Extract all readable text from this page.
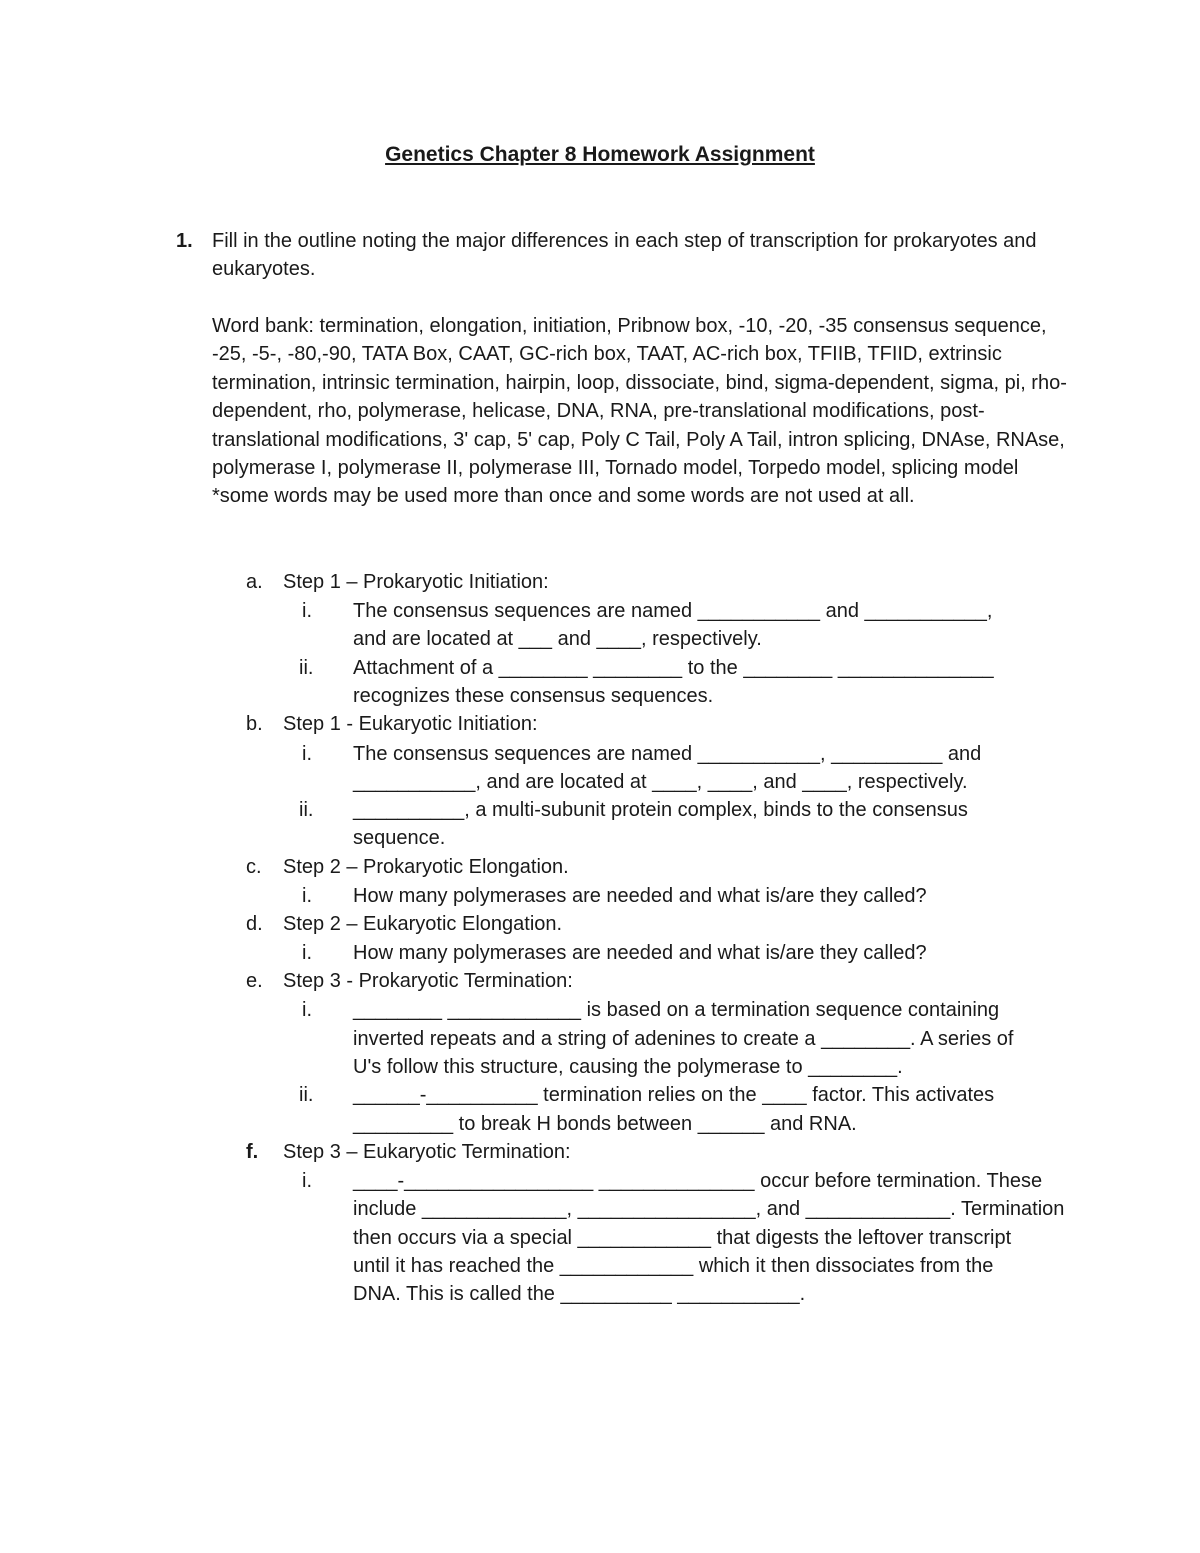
Genetics Chapter 8 Homework Assignment
1. Fill in the outline noting the major differences in each step of transcription for prokaryotes and eukaryotes.
Word bank: termination, elongation, initiation, Pribnow box, -10, -20, -35 consensus sequence, -25, -5-, -80,-90, TATA Box, CAAT, GC-rich box, TAAT, AC-rich box, TFIIB, TFIID, extrinsic termination, intrinsic termination, hairpin, loop, dissociate, bind, sigma-dependent, sigma, pi, rho-dependent, rho, polymerase, helicase, DNA, RNA, pre-translational modifications, post-translational modifications, 3' cap, 5' cap, Poly C Tail, Poly A Tail, intron splicing, DNAse, RNAse, polymerase I, polymerase II, polymerase III, Tornado model, Torpedo model, splicing model
*some words may be used more than once and some words are not used at all.
a. Step 1 – Prokaryotic Initiation:
i. The consensus sequences are named ___________ and ___________,
and are located at ___ and ____, respectively.
ii. Attachment of a ________ ________ to the ________ ______________
recognizes these consensus sequences.
b. Step 1 - Eukaryotic Initiation:
i. The consensus sequences are named ___________, __________ and
___________, and are located at ____, ____, and ____, respectively.
ii. __________, a multi-subunit protein complex, binds to the consensus
sequence.
c. Step 2 – Prokaryotic Elongation.
i. How many polymerases are needed and what is/are they called?
d. Step 2 – Eukaryotic Elongation.
i. How many polymerases are needed and what is/are they called?
e. Step 3 - Prokaryotic Termination:
i. ________ ____________ is based on a termination sequence containing
inverted repeats and a string of adenines to create a ________. A series of
U's follow this structure, causing the polymerase to ________.
ii. ______-__________ termination relies on the ____ factor. This activates
_________ to break H bonds between ______ and RNA.
f. Step 3 – Eukaryotic Termination:
i. ____-_________________ ______________ occur before termination. These
include _____________, ________________, and _____________. Termination
then occurs via a special ____________ that digests the leftover transcript
until it has reached the ____________ which it then dissociates from the
DNA. This is called the __________ ___________.
